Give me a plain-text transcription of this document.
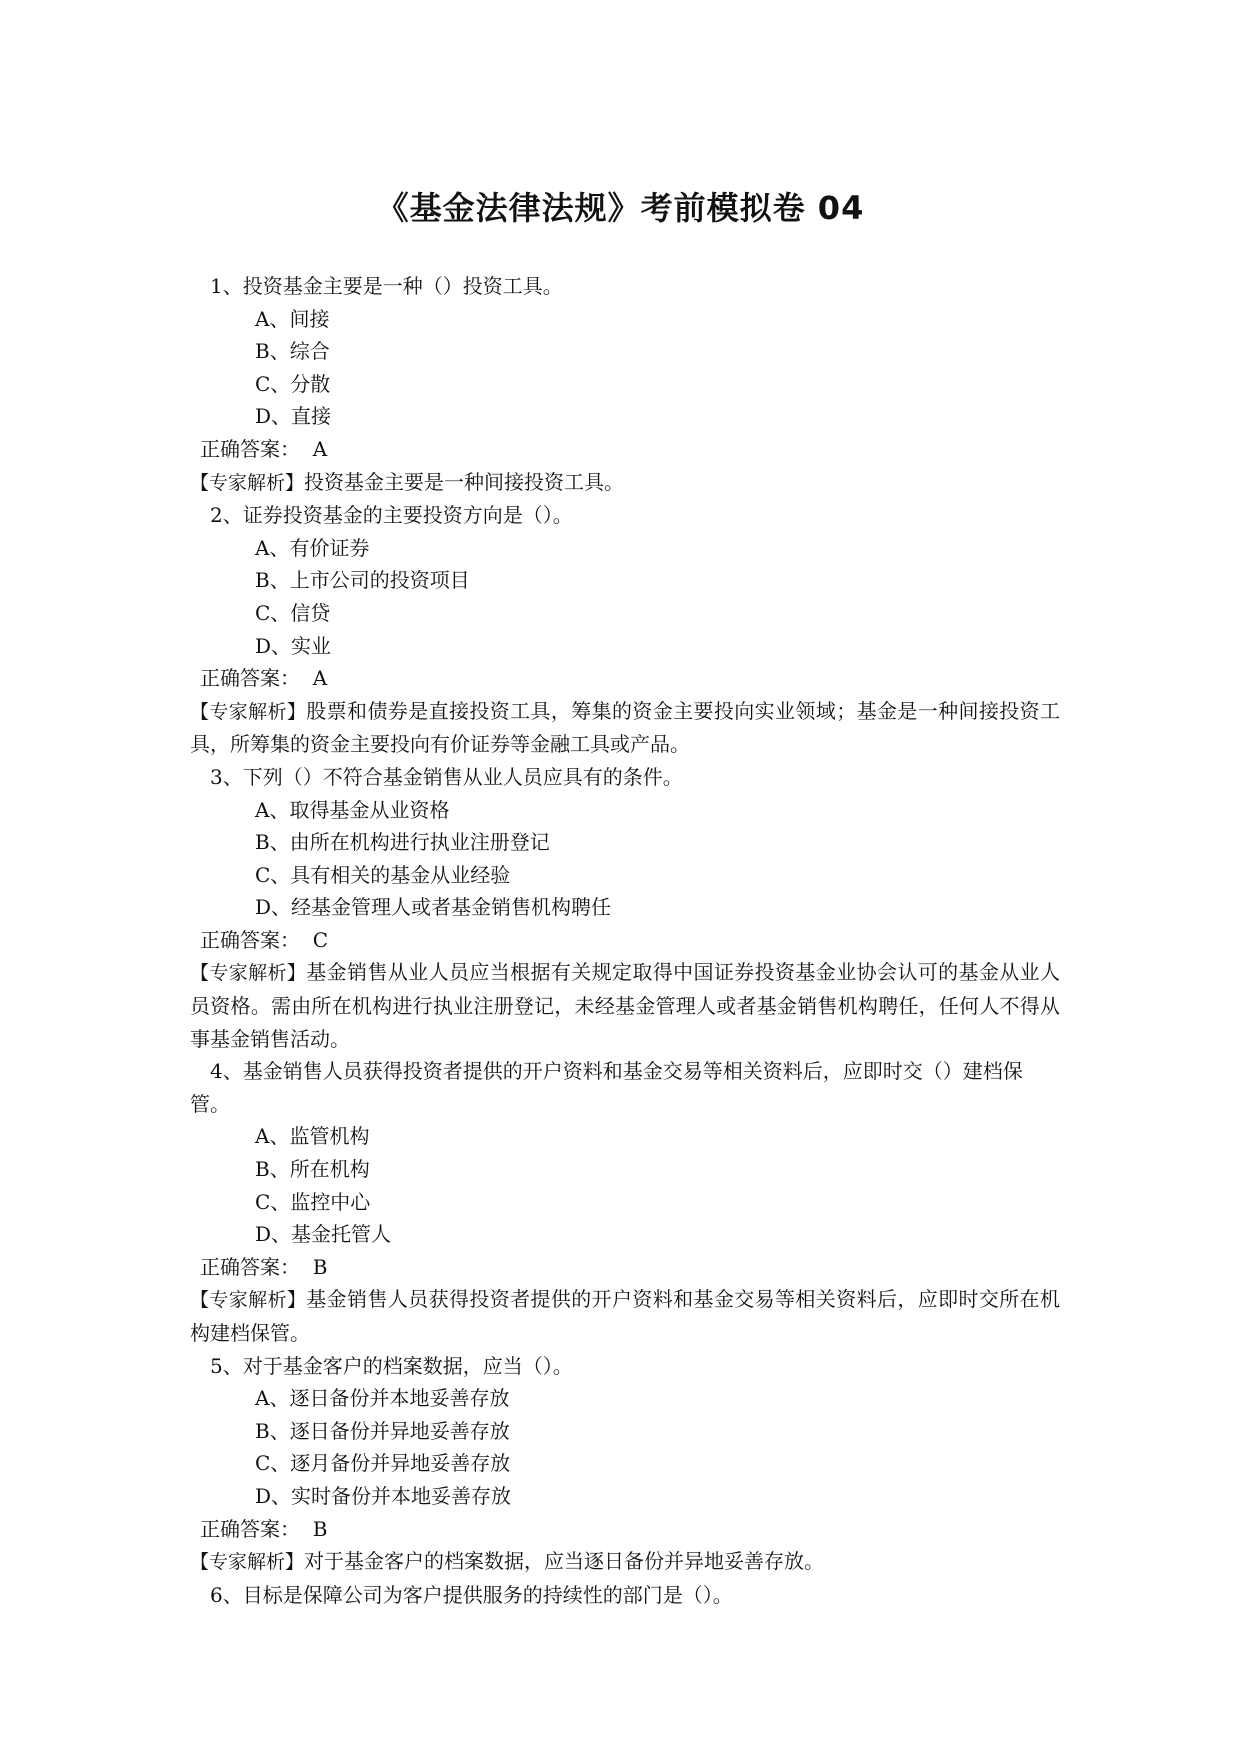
《基金法律法规》考前模拟卷 04

1、投资基金主要是一种（）投资工具。

A、间接

B、综合

C、分散

D、直接

正确答案： A

【专家解析】投资基金主要是一种间接投资工具。

2、证券投资基金的主要投资方向是（）。

A、有价证券

B、上市公司的投资项目

C、信贷

D、实业

正确答案： A

【专家解析】股票和债券是直接投资工具，筹集的资金主要投向实业领域；基金是一种间接投资工具，所筹集的资金主要投向有价证券等金融工具或产品。

3、下列（）不符合基金销售从业人员应具有的条件。

A、取得基金从业资格

B、由所在机构进行执业注册登记

C、具有相关的基金从业经验

D、经基金管理人或者基金销售机构聘任

正确答案： C

【专家解析】基金销售从业人员应当根据有关规定取得中国证券投资基金业协会认可的基金从业人员资格。需由所在机构进行执业注册登记，未经基金管理人或者基金销售机构聘任，任何人不得从事基金销售活动。

4、基金销售人员获得投资者提供的开户资料和基金交易等相关资料后，应即时交（）建档保管。

A、监管机构

B、所在机构

C、监控中心

D、基金托管人

正确答案： B

【专家解析】基金销售人员获得投资者提供的开户资料和基金交易等相关资料后，应即时交所在机构建档保管。

5、对于基金客户的档案数据，应当（）。

A、逐日备份并本地妥善存放

B、逐日备份并异地妥善存放

C、逐月备份并异地妥善存放

D、实时备份并本地妥善存放

正确答案： B

【专家解析】对于基金客户的档案数据，应当逐日备份并异地妥善存放。

6、目标是保障公司为客户提供服务的持续性的部门是（）。
